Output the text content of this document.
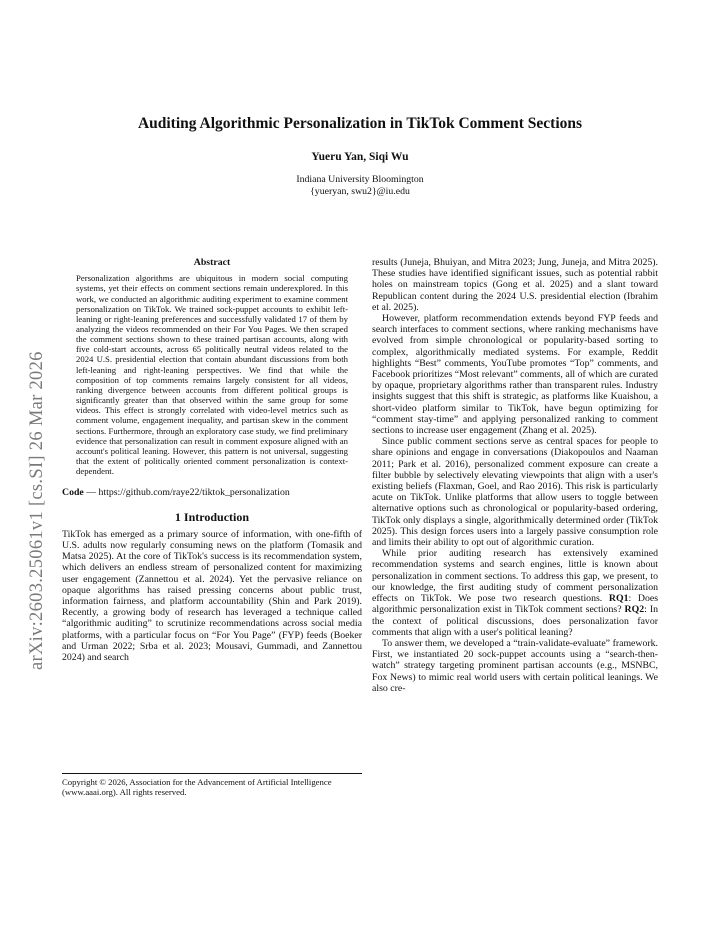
arXiv:2603.25061v1 [cs.SI] 26 Mar 2026
Auditing Algorithmic Personalization in TikTok Comment Sections
Yueru Yan, Siqi Wu
Indiana University Bloomington
{yueryan, swu2}@iu.edu
Abstract

Personalization algorithms are ubiquitous in modern social computing systems, yet their effects on comment sections remain underexplored. In this work, we conducted an algorithmic auditing experiment to examine comment personalization on TikTok. We trained sock-puppet accounts to exhibit left-leaning or right-leaning preferences and successfully validated 17 of them by analyzing the videos recommended on their For You Pages. We then scraped the comment sections shown to these trained partisan accounts, along with five cold-start accounts, across 65 politically neutral videos related to the 2024 U.S. presidential election that contain abundant discussions from both left-leaning and right-leaning perspectives. We find that while the composition of top comments remains largely consistent for all videos, ranking divergence between accounts from different political groups is significantly greater than that observed within the same group for some videos. This effect is strongly correlated with video-level metrics such as comment volume, engagement inequality, and partisan skew in the comment sections. Furthermore, through an exploratory case study, we find preliminary evidence that personalization can result in comment exposure aligned with an account's political leaning. However, this pattern is not universal, suggesting that the extent of politically oriented comment personalization is context-dependent.

Code — https://github.com/raye22/tiktok_personalization

1 Introduction

TikTok has emerged as a primary source of information, with one-fifth of U.S. adults now regularly consuming news on the platform (Tomasik and Matsa 2025). At the core of TikTok's success is its recommendation system, which delivers an endless stream of personalized content for maximizing user engagement (Zannettou et al. 2024). Yet the pervasive reliance on opaque algorithms has raised pressing concerns about public trust, information fairness, and platform accountability (Shin and Park 2019). Recently, a growing body of research has leveraged a technique called “algorithmic auditing” to scrutinize recommendations across social media platforms, with a particular focus on “For You Page” (FYP) feeds (Boeker and Urman 2022; Srba et al. 2023; Mousavi, Gummadi, and Zannettou 2024) and search

Copyright © 2026, Association for the Advancement of Artificial Intelligence (www.aaai.org). All rights reserved.

results (Juneja, Bhuiyan, and Mitra 2023; Jung, Juneja, and Mitra 2025). These studies have identified significant issues, such as potential rabbit holes on mainstream topics (Gong et al. 2025) and a slant toward Republican content during the 2024 U.S. presidential election (Ibrahim et al. 2025).

However, platform recommendation extends beyond FYP feeds and search interfaces to comment sections, where ranking mechanisms have evolved from simple chronological or popularity-based sorting to complex, algorithmically mediated systems. For example, Reddit highlights “Best” comments, YouTube promotes “Top” comments, and Facebook prioritizes “Most relevant” comments, all of which are curated by opaque, proprietary algorithms rather than transparent rules. Industry insights suggest that this shift is strategic, as platforms like Kuaishou, a short-video platform similar to TikTok, have begun optimizing for “comment stay-time” and applying personalized ranking to comment sections to increase user engagement (Zhang et al. 2025).

Since public comment sections serve as central spaces for people to share opinions and engage in conversations (Diakopoulos and Naaman 2011; Park et al. 2016), personalized comment exposure can create a filter bubble by selectively elevating viewpoints that align with a user's existing beliefs (Flaxman, Goel, and Rao 2016). This risk is particularly acute on TikTok. Unlike platforms that allow users to toggle between alternative options such as chronological or popularity-based ordering, TikTok only displays a single, algorithmically determined order (TikTok 2025). This design forces users into a largely passive consumption role and limits their ability to opt out of algorithmic curation.

While prior auditing research has extensively examined recommendation systems and search engines, little is known about personalization in comment sections. To address this gap, we present, to our knowledge, the first auditing study of comment personalization effects on TikTok. We pose two research questions. RQ1: Does algorithmic personalization exist in TikTok comment sections? RQ2: In the context of political discussions, does personalization favor comments that align with a user's political leaning?

To answer them, we developed a “train-validate-evaluate” framework. First, we instantiated 20 sock-puppet accounts using a “search-then-watch” strategy targeting prominent partisan accounts (e.g., MSNBC, Fox News) to mimic real world users with certain political leanings. We also cre-
